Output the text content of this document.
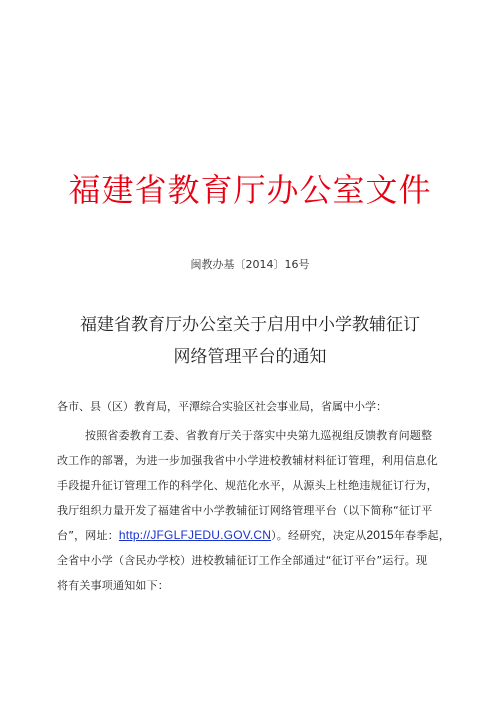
福建省教育厅办公室文件
闽教办基〔2014〕16号
福建省教育厅办公室关于启用中小学教辅征订
网络管理平台的通知
各市、县（区）教育局，平潭综合实验区社会事业局，省属中小学：
按照省委教育工委、省教育厅关于落实中央第九巡视组反馈教育问题整
改工作的部署，为进一步加强我省中小学进校教辅材料征订管理，利用信息化
手段提升征订管理工作的科学化、规范化水平，从源头上杜绝违规征订行为，
我厅组织力量开发了福建省中小学教辅征订网络管理平台（以下简称“征订平
台”，网址：http://JFGLFJEDU.GOV.CN）。经研究，决定从2015年春季起，
全省中小学（含民办学校）进校教辅征订工作全部通过“征订平台”运行。现
将有关事项通知如下：
